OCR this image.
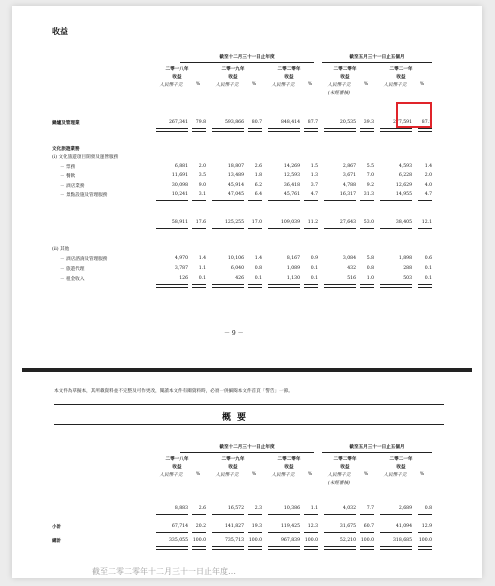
收益
截至十二月三十一日止年度	截至五月三十一日止五個月
二零一八年	二零一九年	二零二零年	二零二零年	二零二一年
收益	收益	收益	收益	收益
人民幣千元	%	人民幣千元	%	人民幣千元	%	人民幣千元	%	人民幣千元	%
(未經審核)
鍋爐及管理業	267,341	79.8	593,866	80.7	848,414	87.7	20,535	39.3	277,591	87.1
文化旅遊業務
(i) 文化旅遊項目開發及運營服務
－ 票務	6,881	2.0	18,807	2.6	14,269	1.5	2,867	5.5	4,593	1.4
－ 餐飲	11,691	3.5	13,489	1.8	12,593	1.3	3,671	7.0	6,228	2.0
－ 酒店業務	30,098	9.0	45,914	6.2	36,418	3.7	4,788	9.2	12,629	4.0
－ 景點設施及管理服務	10,241	3.1	47,045	6.4	45,761	4.7	16,317	31.3	14,955	4.7
58,911	17.6	125,255	17.0	109,039	11.2	27,643	53.0	38,405	12.1
(ii) 其他
－ 酒店諮詢及管理服務	4,970	1.4	10,106	1.4	8,167	0.9	3,084	5.8	1,898	0.6
－ 旅遊代理	3,787	1.1	6,040	0.8	1,089	0.1	432	0.8	288	0.1
－ 租金收入	126	0.1	426	0.1	1,130	0.1	516	1.0	503	0.1
－ 9 －
本文件為草擬本，其所載資料並不完整及可作更改，閱讀本文件有關資料時，必須一併細閱本文件首頁「警告」一節。
概要
截至十二月三十一日止年度	截至五月三十一日止五個月
二零一八年	二零一九年	二零二零年	二零二零年	二零二一年
收益	收益	收益	收益	收益
人民幣千元	%	人民幣千元	%	人民幣千元	%	人民幣千元	%	人民幣千元	%
(未經審核)
8,883	2.6	16,572	2.3	10,386	1.1	4,032	7.7	2,689	0.8
小計	67,714	20.2	141,827	19.3	119,425	12.3	31,675	60.7	41,094	12.9
總計	335,055	100.0	735,713	100.0	967,839	100.0	52,210	100.0	318,685	100.0
截至二零二零年十二月三十一日止年度…
